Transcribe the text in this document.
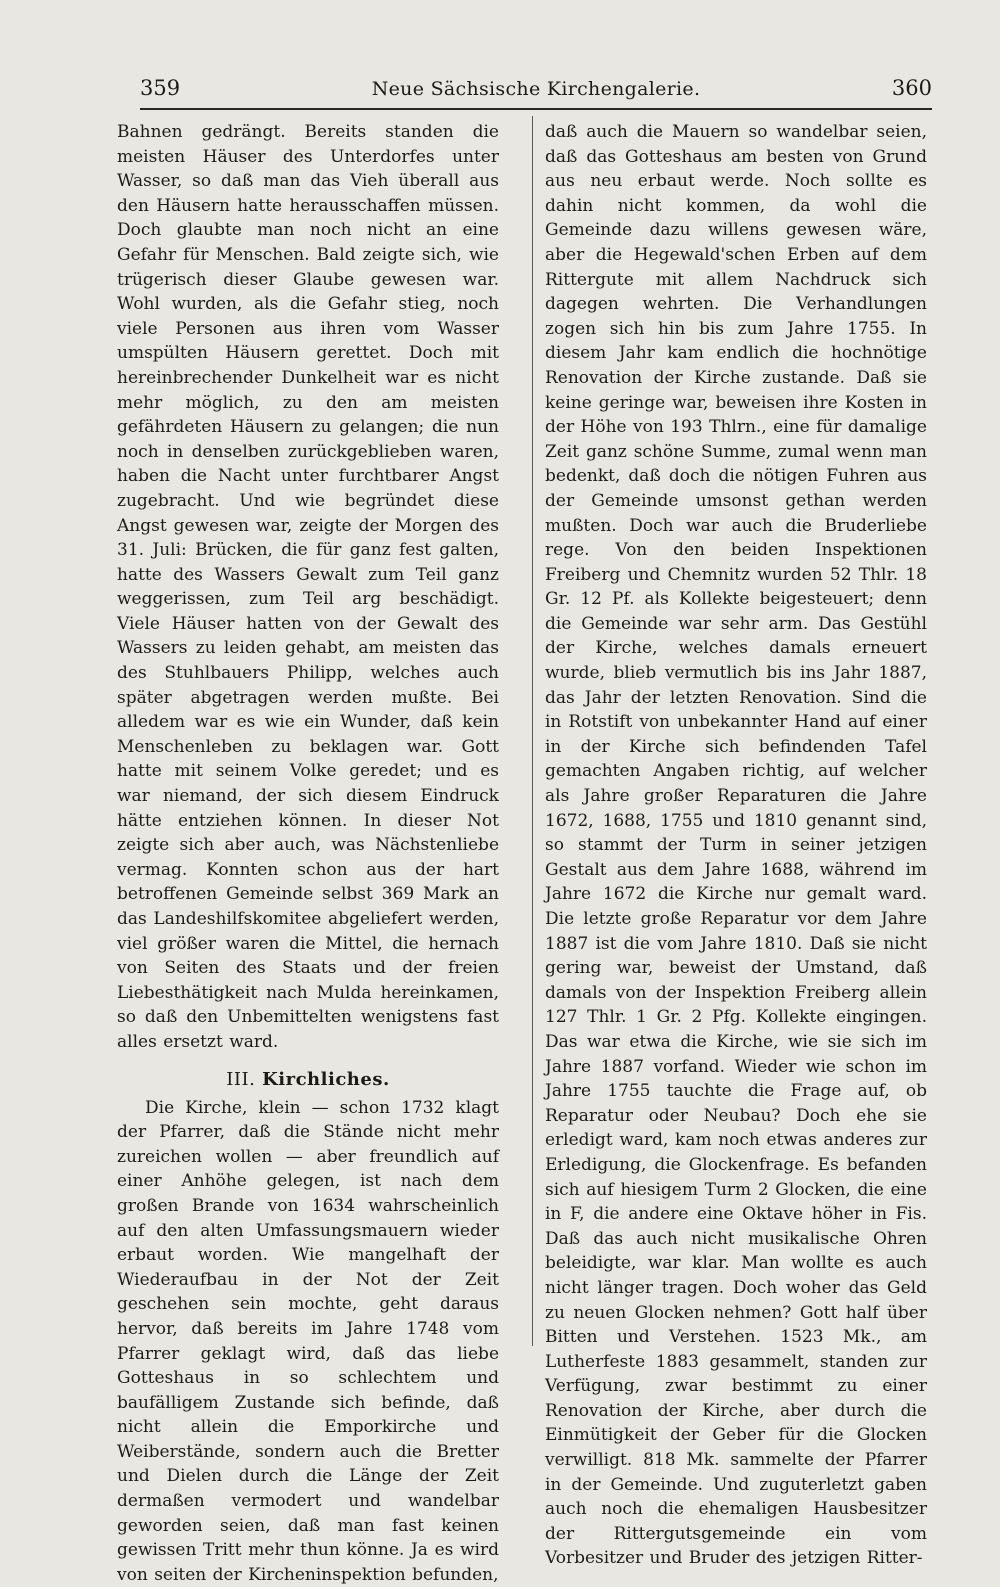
359	Neue Sächsische Kirchengalerie.	360

Bahnen gedrängt. Bereits standen die meisten Häuser des Unterdorfes unter Wasser, so daß man das Vieh überall aus den Häusern hatte herausschaffen müssen. Doch glaubte man noch nicht an eine Gefahr für Menschen. Bald zeigte sich, wie trügerisch dieser Glaube gewesen war. Wohl wurden, als die Gefahr stieg, noch viele Personen aus ihren vom Wasser umspülten Häusern gerettet. Doch mit hereinbrechender Dunkelheit war es nicht mehr möglich, zu den am meisten gefährdeten Häusern zu gelangen; die nun noch in denselben zurückgeblieben waren, haben die Nacht unter furchtbarer Angst zugebracht. Und wie begründet diese Angst gewesen war, zeigte der Morgen des 31. Juli: Brücken, die für ganz fest galten, hatte des Wassers Gewalt zum Teil ganz weggerissen, zum Teil arg beschädigt. Viele Häuser hatten von der Gewalt des Wassers zu leiden gehabt, am meisten das des Stuhlbauers Philipp, welches auch später abgetragen werden mußte. Bei alledem war es wie ein Wunder, daß kein Menschenleben zu beklagen war. Gott hatte mit seinem Volke geredet; und es war niemand, der sich diesem Eindruck hätte entziehen können. In dieser Not zeigte sich aber auch, was Nächstenliebe vermag. Konnten schon aus der hart betroffenen Gemeinde selbst 369 Mark an das Landeshilfskomitee abgeliefert werden, viel größer waren die Mittel, die hernach von Seiten des Staats und der freien Liebesthätigkeit nach Mulda hereinkamen, so daß den Unbemittelten wenigstens fast alles ersetzt ward.

III. Kirchliches.

Die Kirche, klein — schon 1732 klagt der Pfarrer, daß die Stände nicht mehr zureichen wollen — aber freundlich auf einer Anhöhe gelegen, ist nach dem großen Brande von 1634 wahrscheinlich auf den alten Umfassungsmauern wieder erbaut worden. Wie mangelhaft der Wiederaufbau in der Not der Zeit geschehen sein mochte, geht daraus hervor, daß bereits im Jahre 1748 vom Pfarrer geklagt wird, daß das liebe Gotteshaus in so schlechtem und baufälligem Zustande sich befinde, daß nicht allein die Emporkirche und Weiberstände, sondern auch die Bretter und Dielen durch die Länge der Zeit dermaßen vermodert und wandelbar geworden seien, daß man fast keinen gewissen Tritt mehr thun könne. Ja es wird von seiten der Kircheninspektion befunden,

daß auch die Mauern so wandelbar seien, daß das Gotteshaus am besten von Grund aus neu erbaut werde. Noch sollte es dahin nicht kommen, da wohl die Gemeinde dazu willens gewesen wäre, aber die Hegewald'schen Erben auf dem Rittergute mit allem Nachdruck sich dagegen wehrten. Die Verhandlungen zogen sich hin bis zum Jahre 1755. In diesem Jahr kam endlich die hochnötige Renovation der Kirche zustande. Daß sie keine geringe war, beweisen ihre Kosten in der Höhe von 193 Thlrn., eine für damalige Zeit ganz schöne Summe, zumal wenn man bedenkt, daß doch die nötigen Fuhren aus der Gemeinde umsonst gethan werden mußten. Doch war auch die Bruderliebe rege. Von den beiden Inspektionen Freiberg und Chemnitz wurden 52 Thlr. 18 Gr. 12 Pf. als Kollekte beigesteuert; denn die Gemeinde war sehr arm. Das Gestühl der Kirche, welches damals erneuert wurde, blieb vermutlich bis ins Jahr 1887, das Jahr der letzten Renovation. Sind die in Rotstift von unbekannter Hand auf einer in der Kirche sich befindenden Tafel gemachten Angaben richtig, auf welcher als Jahre großer Reparaturen die Jahre 1672, 1688, 1755 und 1810 genannt sind, so stammt der Turm in seiner jetzigen Gestalt aus dem Jahre 1688, während im Jahre 1672 die Kirche nur gemalt ward. Die letzte große Reparatur vor dem Jahre 1887 ist die vom Jahre 1810. Daß sie nicht gering war, beweist der Umstand, daß damals von der Inspektion Freiberg allein 127 Thlr. 1 Gr. 2 Pfg. Kollekte eingingen. Das war etwa die Kirche, wie sie sich im Jahre 1887 vorfand. Wieder wie schon im Jahre 1755 tauchte die Frage auf, ob Reparatur oder Neubau? Doch ehe sie erledigt ward, kam noch etwas anderes zur Erledigung, die Glockenfrage. Es befanden sich auf hiesigem Turm 2 Glocken, die eine in F, die andere eine Oktave höher in Fis. Daß das auch nicht musikalische Ohren beleidigte, war klar. Man wollte es auch nicht länger tragen. Doch woher das Geld zu neuen Glocken nehmen? Gott half über Bitten und Verstehen. 1523 Mk., am Lutherfeste 1883 gesammelt, standen zur Verfügung, zwar bestimmt zu einer Renovation der Kirche, aber durch die Einmütigkeit der Geber für die Glocken verwilligt. 818 Mk. sammelte der Pfarrer in der Gemeinde. Und zuguterletzt gaben auch noch die ehemaligen Hausbesitzer der Rittergutsgemeinde ein vom Vorbesitzer und Bruder des jetzigen Ritter-
